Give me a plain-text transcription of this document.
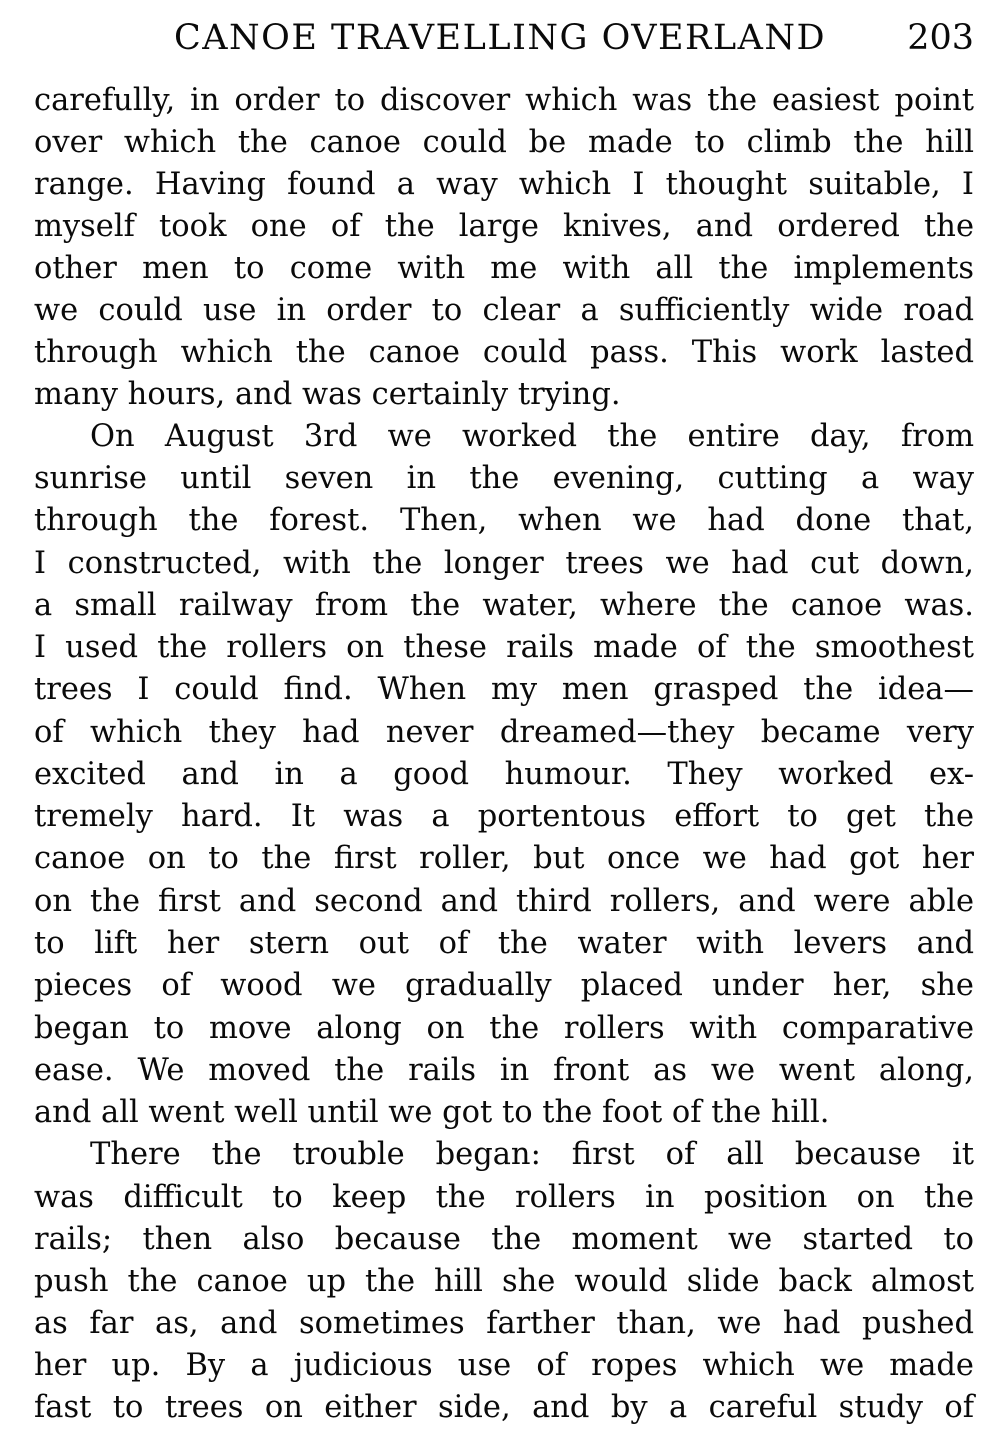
CANOE TRAVELLING OVERLAND 203
carefully, in order to discover which was the easiest point
over which the canoe could be made to climb the hill
range. Having found a way which I thought suitable, I
myself took one of the large knives, and ordered the
other men to come with me with all the implements
we could use in order to clear a sufficiently wide road
through which the canoe could pass. This work lasted
many hours, and was certainly trying.
On August 3rd we worked the entire day, from
sunrise until seven in the evening, cutting a way
through the forest. Then, when we had done that,
I constructed, with the longer trees we had cut down,
a small railway from the water, where the canoe was.
I used the rollers on these rails made of the smoothest
trees I could find. When my men grasped the idea—
of which they had never dreamed—they became very
excited and in a good humour. They worked ex-
tremely hard. It was a portentous effort to get the
canoe on to the first roller, but once we had got her
on the first and second and third rollers, and were able
to lift her stern out of the water with levers and
pieces of wood we gradually placed under her, she
began to move along on the rollers with comparative
ease. We moved the rails in front as we went along,
and all went well until we got to the foot of the hill.
There the trouble began: first of all because it
was difficult to keep the rollers in position on the
rails; then also because the moment we started to
push the canoe up the hill she would slide back almost
as far as, and sometimes farther than, we had pushed
her up. By a judicious use of ropes which we made
fast to trees on either side, and by a careful study of
